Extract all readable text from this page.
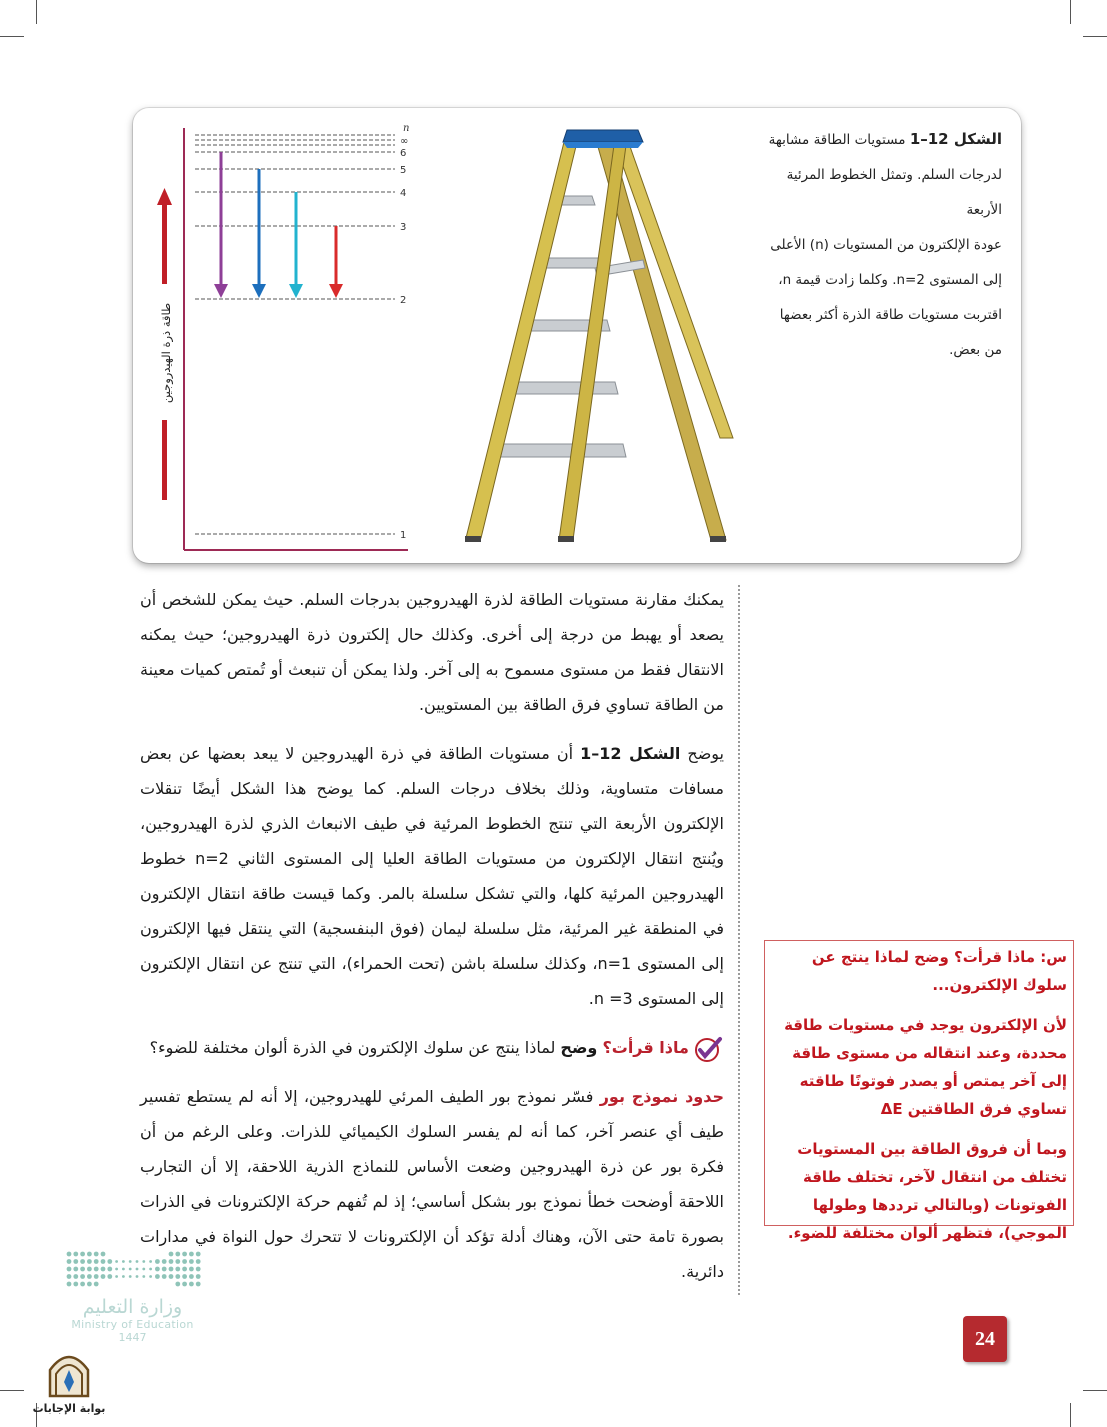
طاقة ذرة الهيدروجين
∞
6
5
4
3
2
1
n
الشكل 12–1 مستويات الطاقة مشابهة
لدرجات السلم. وتمثل الخطوط المرئية الأربعة
عودة الإلكترون من المستويات (n) الأعلى
إلى المستوى n=2. وكلما زادت قيمة n،
اقتربت مستويات طاقة الذرة أكثر بعضها
من بعض.

يمكنك مقارنة مستويات الطاقة لذرة الهيدروجين بدرجات السلم. حيث يمكن للشخص أن يصعد أو يهبط من درجة إلى أخرى. وكذلك حال إلكترون ذرة الهيدروجين؛ حيث يمكنه الانتقال فقط من مستوى مسموح به إلى آخر. ولذا يمكن أن تنبعث أو تُمتص كميات معينة من الطاقة تساوي فرق الطاقة بين المستويين.

يوضح الشكل 12–1 أن مستويات الطاقة في ذرة الهيدروجين لا يبعد بعضها عن بعض مسافات متساوية، وذلك بخلاف درجات السلم. كما يوضح هذا الشكل أيضًا تنقلات الإلكترون الأربعة التي تنتج الخطوط المرئية في طيف الانبعاث الذري لذرة الهيدروجين، ويُنتج انتقال الإلكترون من مستويات الطاقة العليا إلى المستوى الثاني n=2 خطوط الهيدروجين المرئية كلها، والتي تشكل سلسلة بالمر. وكما قيست طاقة انتقال الإلكترون في المنطقة غير المرئية، مثل سلسلة ليمان (فوق البنفسجية) التي ينتقل فيها الإلكترون إلى المستوى n=1، وكذلك سلسلة باشن (تحت الحمراء)، التي تنتج عن انتقال الإلكترون إلى المستوى n =3.

ماذا قرأت؟ وضح لماذا ينتج عن سلوك الإلكترون في الذرة ألوان مختلفة للضوء؟

حدود نموذج بور فسّر نموذج بور الطيف المرئي للهيدروجين، إلا أنه لم يستطع تفسير طيف أي عنصر آخر، كما أنه لم يفسر السلوك الكيميائي للذرات. وعلى الرغم من أن فكرة بور عن ذرة الهيدروجين وضعت الأساس للنماذج الذرية اللاحقة، إلا أن التجارب اللاحقة أوضحت خطأ نموذج بور بشكل أساسي؛ إذ لم تُفهم حركة الإلكترونات في الذرات بصورة تامة حتى الآن، وهناك أدلة تؤكد أن الإلكترونات لا تتحرك حول النواة في مدارات دائرية.

س: ماذا قرأت؟ وضح لماذا ينتج عن سلوك الإلكترون...

لأن الإلكترون يوجد في مستويات طاقة محددة، وعند انتقاله من مستوى طاقة إلى آخر يمتص أو يصدر فوتونًا طاقته تساوي فرق الطاقتين ΔE

وبما أن فروق الطاقة بين المستويات تختلف من انتقال لآخر، تختلف طاقة الفوتونات (وبالتالي ترددها وطولها الموجي)، فتظهر ألوان مختلفة للضوء.

24
وزارة التعليم
Ministry of Education
1447
بوابة الإجابات
